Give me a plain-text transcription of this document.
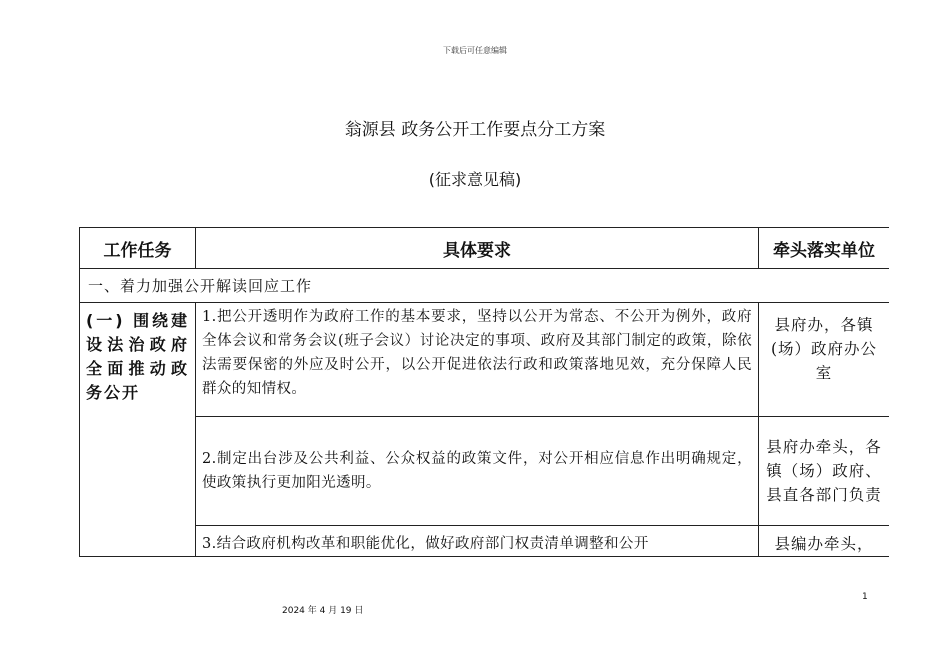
下载后可任意编辑
翁源县 政务公开工作要点分工方案
(征求意见稿)
工作任务	具体要求	牵头落实单位
一、着力加强公开解读回应工作		
(一) 围绕建设法治政府全面推动政务公开	1.把公开透明作为政府工作的基本要求，坚持以公开为常态、不公开为例外，政府全体会议和常务会议(班子会议）讨论决定的事项、政府及其部门制定的政策，除依法需要保密的外应及时公开，以公开促进依法行政和政策落地见效，充分保障人民群众的知情权。	县府办，各镇(场）政府办公室
	2.制定出台涉及公共利益、公众权益的政策文件，对公开相应信息作出明确规定，使政策执行更加阳光透明。	县府办牵头，各镇（场）政府、县直各部门负责
	3.结合政府机构改革和职能优化，做好政府部门权责清单调整和公开	县编办牵头，
1
2024 年 4 月 19 日
